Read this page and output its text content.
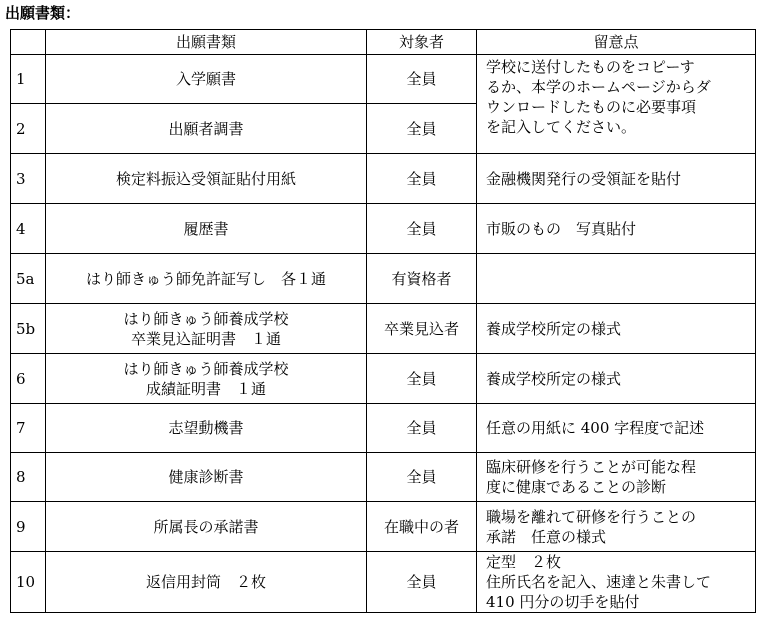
出願書類：
	出願書類	対象者	留意点
1	入学願書	全員	学校に送付したものをコピーす
るか、本学のホームページからダ
ウンロードしたものに必要事項
を記入してください。

2	出願者調書	全員	
3	検定料振込受領証貼付用紙	全員	金融機関発行の受領証を貼付

4	履歴書	全員	市販のもの　写真貼付

5a	はり師きゅう師免許証写し　各１通	有資格者	
5b	はり師きゅう師養成学校
卒業見込証明書　１通	卒業見込者	養成学校所定の様式

6	はり師きゅう師養成学校
成績証明書　１通	全員	養成学校所定の様式

7	志望動機書	全員	任意の用紙に 400 字程度で記述

8	健康診断書	全員	臨床研修を行うことが可能な程
度に健康であることの診断

9	所属長の承諾書	在職中の者	職場を離れて研修を行うことの
承諾　任意の様式

10	返信用封筒　２枚	全員	定型　２枚
住所氏名を記入、速達と朱書して
410 円分の切手を貼付
